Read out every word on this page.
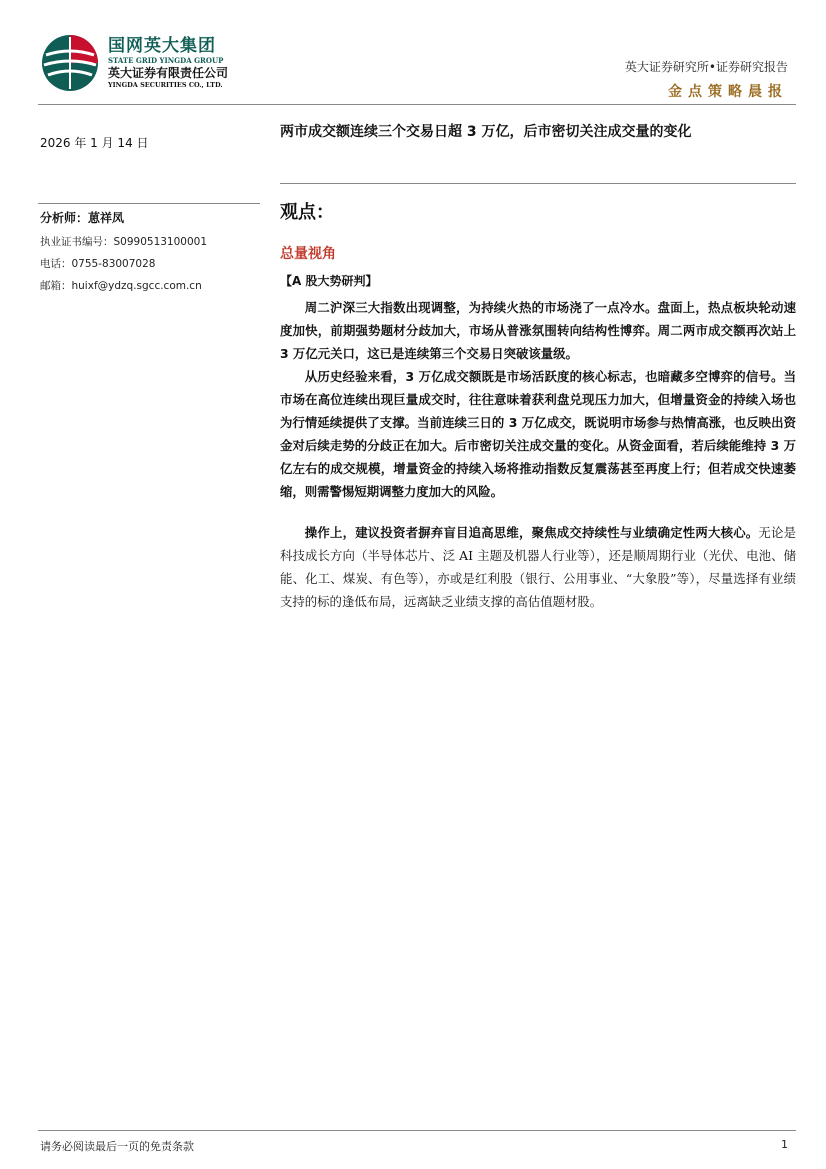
国网英大集团
STATE GRID YINGDA GROUP
英大证券有限责任公司
YINGDA SECURITIES CO., LTD.
英大证券研究所•证券研究报告
金点策略晨报
2026 年 1 月 14 日
分析师：葸祥凤
执业证书编号：S0990513100001
电话：0755-83007028
邮箱：huixf@ydzq.sgcc.com.cn
两市成交额连续三个交易日超 3 万亿，后市密切关注成交量的变化
观点：
总量视角
【A 股大势研判】
周二沪深三大指数出现调整，为持续火热的市场浇了一点冷水。盘面上，热点板块轮动速度加快，前期强势题材分歧加大，市场从普涨氛围转向结构性博弈。周二两市成交额再次站上 3 万亿元关口，这已是连续第三个交易日突破该量级。
从历史经验来看，3 万亿成交额既是市场活跃度的核心标志，也暗藏多空博弈的信号。当市场在高位连续出现巨量成交时，往往意味着获利盘兑现压力加大，但增量资金的持续入场也为行情延续提供了支撑。当前连续三日的 3 万亿成交，既说明市场参与热情高涨，也反映出资金对后续走势的分歧正在加大。后市密切关注成交量的变化。从资金面看，若后续能维持 3 万亿左右的成交规模，增量资金的持续入场将推动指数反复震荡甚至再度上行；但若成交快速萎缩，则需警惕短期调整力度加大的风险。
操作上，建议投资者摒弃盲目追高思维，聚焦成交持续性与业绩确定性两大核心。无论是科技成长方向（半导体芯片、泛 AI 主题及机器人行业等），还是顺周期行业（光伏、电池、储能、化工、煤炭、有色等），亦或是红利股（银行、公用事业、“大象股”等），尽量选择有业绩支持的标的逢低布局，远离缺乏业绩支撑的高估值题材股。
请务必阅读最后一页的免责条款	1
